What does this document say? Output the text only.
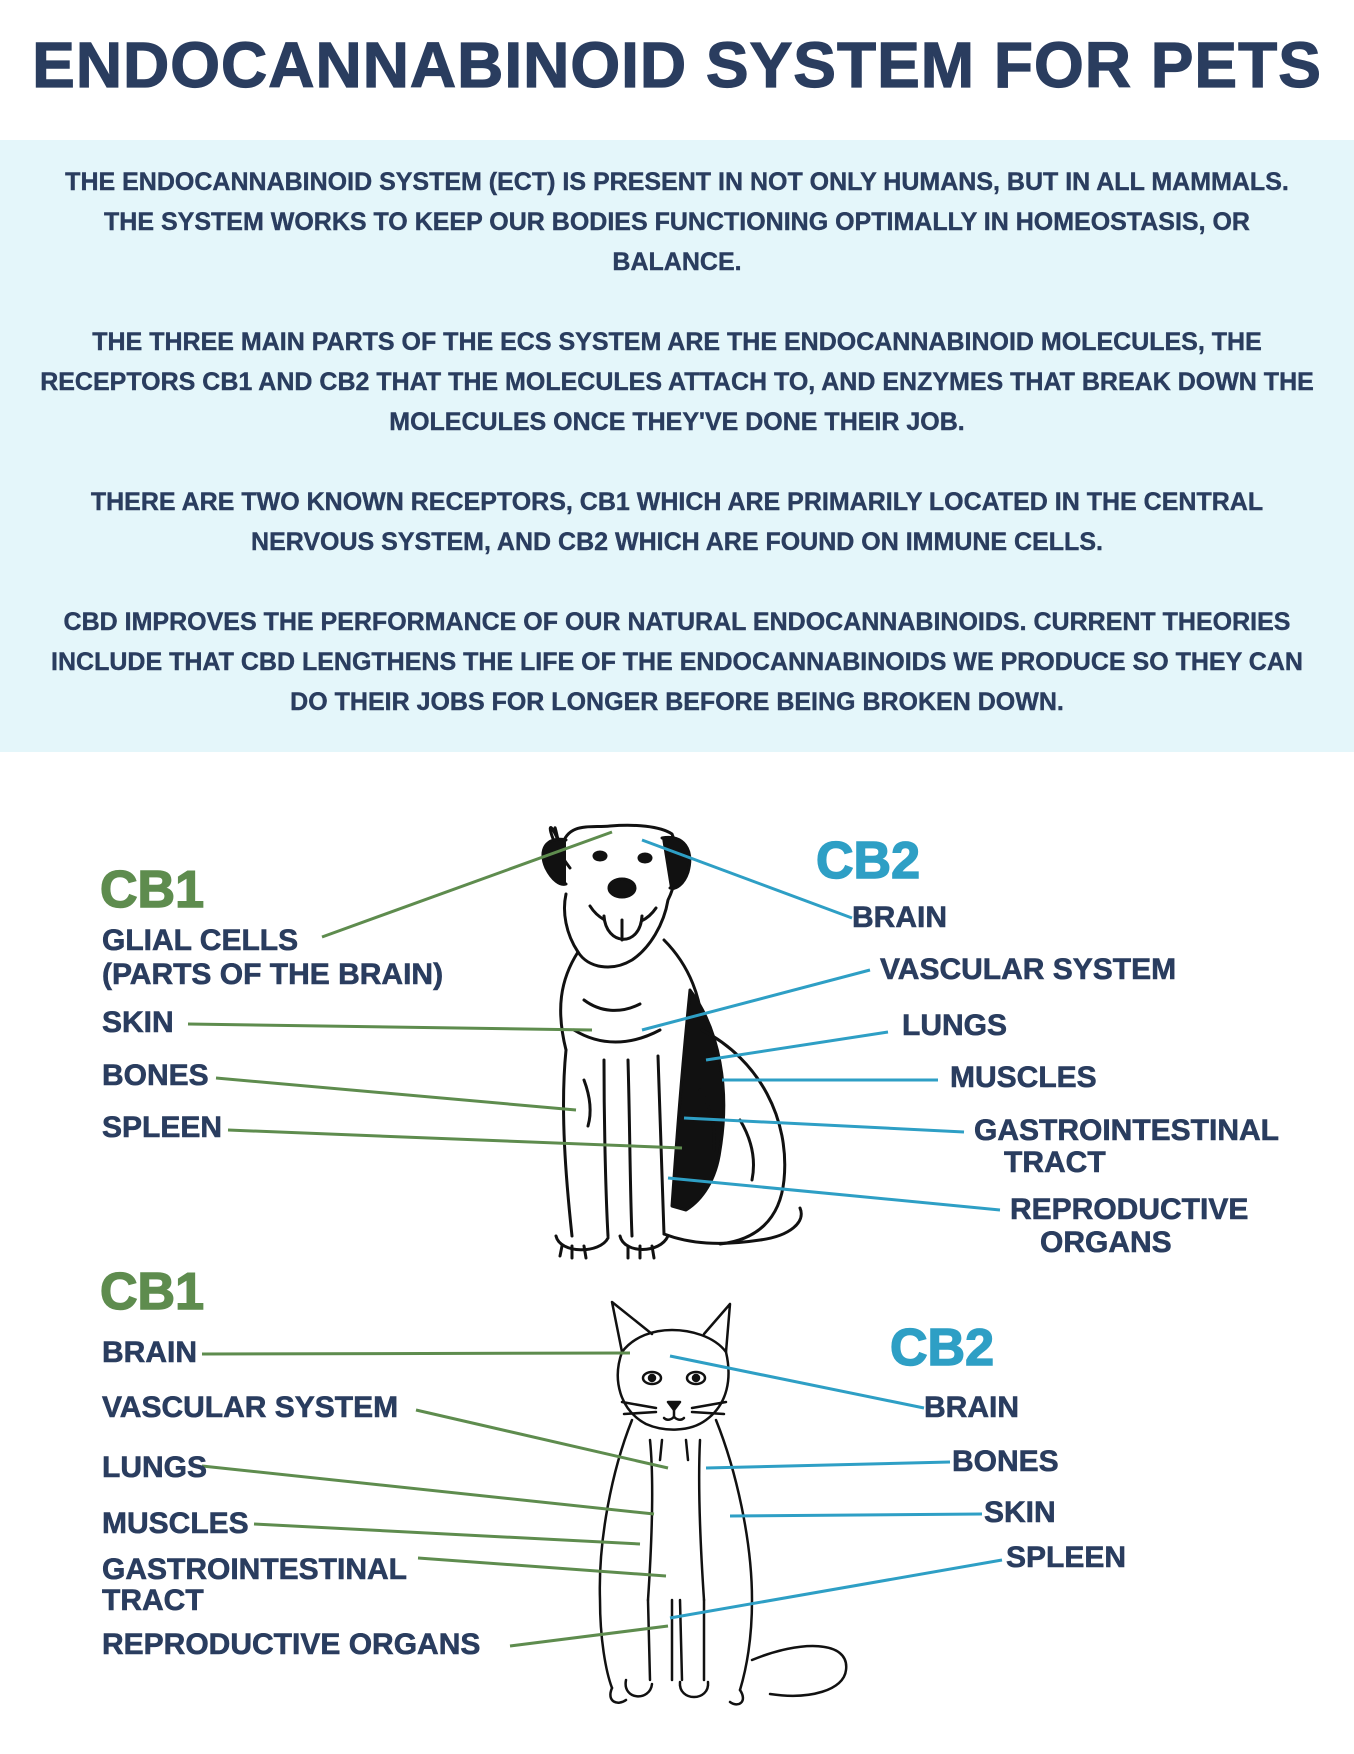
ENDOCANNABINOID SYSTEM FOR PETS

THE ENDOCANNABINOID SYSTEM (ECT) IS PRESENT IN NOT ONLY HUMANS, BUT IN ALL MAMMALS. THE SYSTEM WORKS TO KEEP OUR BODIES FUNCTIONING OPTIMALLY IN HOMEOSTASIS, OR BALANCE.

THE THREE MAIN PARTS OF THE ECS SYSTEM ARE THE ENDOCANNABINOID MOLECULES, THE RECEPTORS CB1 AND CB2 THAT THE MOLECULES ATTACH TO, AND ENZYMES THAT BREAK DOWN THE MOLECULES ONCE THEY'VE DONE THEIR JOB.

THERE ARE TWO KNOWN RECEPTORS, CB1 WHICH ARE PRIMARILY LOCATED IN THE CENTRAL NERVOUS SYSTEM, AND CB2 WHICH ARE FOUND ON IMMUNE CELLS.

CBD IMPROVES THE PERFORMANCE OF OUR NATURAL ENDOCANNABINOIDS. CURRENT THEORIES INCLUDE THAT CBD LENGTHENS THE LIFE OF THE ENDOCANNABINOIDS WE PRODUCE SO THEY CAN DO THEIR JOBS FOR LONGER BEFORE BEING BROKEN DOWN.

CB1
GLIAL CELLS
(PARTS OF THE BRAIN)
SKIN
BONES
SPLEEN
CB2
BRAIN
VASCULAR SYSTEM
LUNGS
MUSCLES
GASTROINTESTINAL
TRACT
REPRODUCTIVE
ORGANS
CB1
BRAIN
VASCULAR SYSTEM
LUNGS
MUSCLES
GASTROINTESTINAL
TRACT
REPRODUCTIVE ORGANS
CB2
BRAIN
BONES
SKIN
SPLEEN
